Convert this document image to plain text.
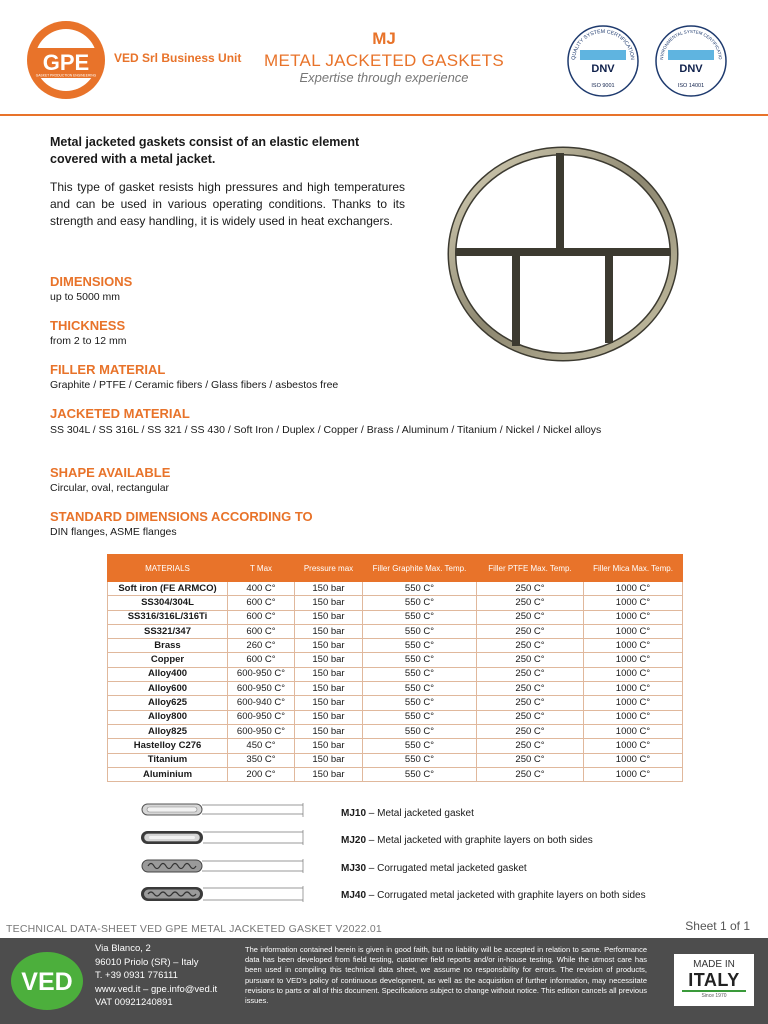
GPE
GASKET PRODUCTION ENGINEERING
VED Srl Business Unit
MJ
METAL JACKETED GASKETS
Expertise through experience
QUALITY SYSTEM CERTIFICATION
DNV
ISO 9001
NVIRONMENTAL SYSTEM CERTIFICATIO
DNV
ISO 14001
Metal jacketed gaskets consist of an elastic element covered with a metal jacket.
This type of gasket resists high pressures and high temperatures and can be used in various operating conditions. Thanks to its strength and easy handling, it is widely used in heat exchangers.
DIMENSIONS
up to 5000 mm
THICKNESS
from 2 to 12 mm
FILLER MATERIAL
Graphite / PTFE / Ceramic fibers / Glass fibers / asbestos free
JACKETED MATERIAL
SS 304L / SS 316L / SS 321 / SS 430 / Soft Iron / Duplex / Copper / Brass / Aluminum / Titanium / Nickel / Nickel alloys
SHAPE AVAILABLE
Circular, oval, rectangular
STANDARD DIMENSIONS ACCORDING TO
DIN flanges, ASME flanges
MATERIALS	T Max	Pressure max	Filler Graphite Max. Temp.	Filler PTFE Max. Temp.	Filler Mica Max. Temp.
Soft iron (FE ARMCO)	400 C°	150 bar	550 C°	250 C°	1000 C°
SS304/304L	600 C°	150 bar	550 C°	250 C°	1000 C°
SS316/316L/316Ti	600 C°	150 bar	550 C°	250 C°	1000 C°
SS321/347	600 C°	150 bar	550 C°	250 C°	1000 C°
Brass	260 C°	150 bar	550 C°	250 C°	1000 C°
Copper	600 C°	150 bar	550 C°	250 C°	1000 C°
Alloy400	600-950 C°	150 bar	550 C°	250 C°	1000 C°
Alloy600	600-950 C°	150 bar	550 C°	250 C°	1000 C°
Alloy625	600-940 C°	150 bar	550 C°	250 C°	1000 C°
Alloy800	600-950 C°	150 bar	550 C°	250 C°	1000 C°
Alloy825	600-950 C°	150 bar	550 C°	250 C°	1000 C°
Hastelloy C276	450 C°	150 bar	550 C°	250 C°	1000 C°
Titanium	350 C°	150 bar	550 C°	250 C°	1000 C°
Aluminium	200 C°	150 bar	550 C°	250 C°	1000 C°
MJ10 – Metal jacketed gasket
MJ20 – Metal jacketed with graphite layers on both sides
MJ30 – Corrugated metal jacketed gasket
MJ40 – Corrugated metal jacketed with graphite layers on both sides
TECHNICAL DATA-SHEET VED GPE METAL JACKETED GASKET V2022.01	Sheet 1 of 1
VED
Via Blanco, 2
96010 Priolo (SR) – Italy
T. +39 0931 776111
www.ved.it – gpe.info@ved.it
VAT 00921240891
The information contained herein is given in good faith, but no liability will be accepted in relation to same. Performance data has been developed from field testing, customer field reports and/or in-house testing. While the utmost care has been used in compiling this technical data sheet, we assume no responsibility for errors. The revision of products, pursuant to VED's policy of continuous development, as well as the acquisition of further information, may necessitate revisions to parts or all of this document. Specifications subject to change without notice. This edition cancels all previous issues.
MADE IN
ITALY
Since 1970
